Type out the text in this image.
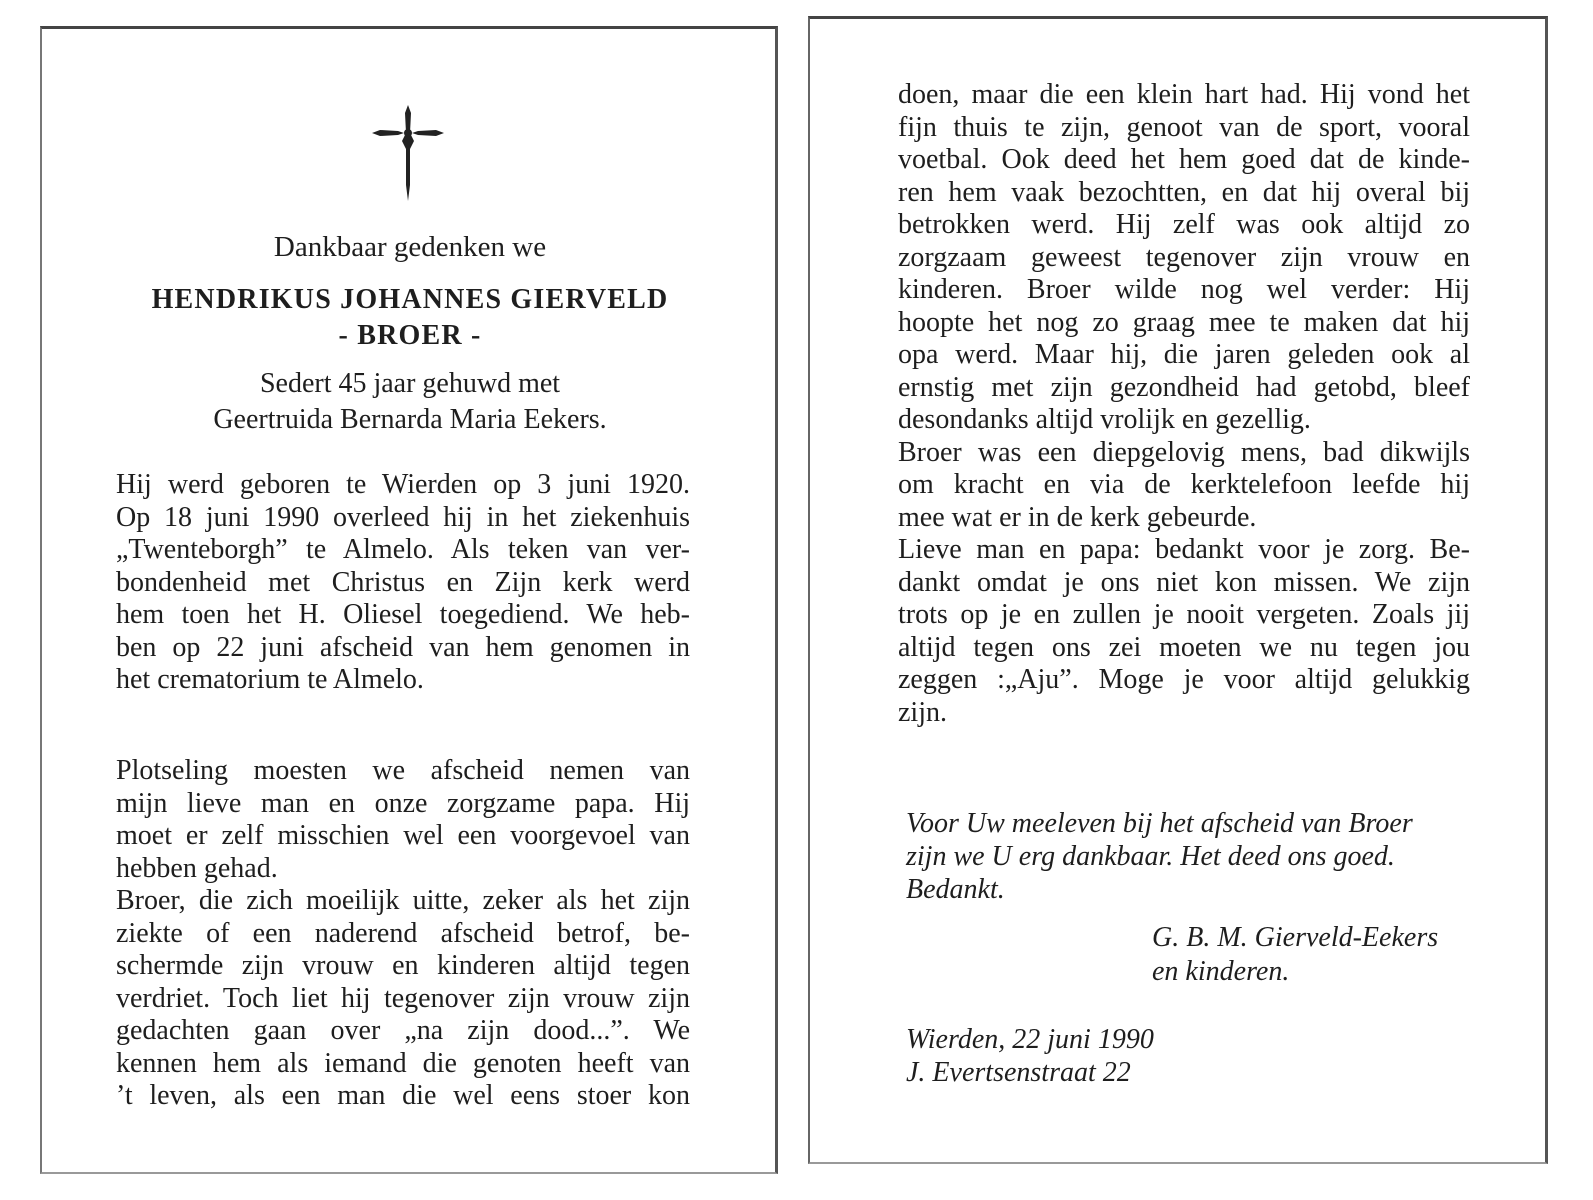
Dankbaar gedenken we
HENDRIKUS JOHANNES GIERVELD
- BROER -
Sedert 45 jaar gehuwd met
Geertruida Bernarda Maria Eekers.
Hij werd geboren te Wierden op 3 juni 1920.
Op 18 juni 1990 overleed hij in het ziekenhuis
„Twenteborgh” te Almelo. Als teken van ver-
bondenheid met Christus en Zijn kerk werd
hem toen het H. Oliesel toegediend. We heb-
ben op 22 juni afscheid van hem genomen in
het crematorium te Almelo.
Plotseling moesten we afscheid nemen van
mijn lieve man en onze zorgzame papa. Hij
moet er zelf misschien wel een voorgevoel van
hebben gehad.
Broer, die zich moeilijk uitte, zeker als het zijn
ziekte of een naderend afscheid betrof, be-
schermde zijn vrouw en kinderen altijd tegen
verdriet. Toch liet hij tegenover zijn vrouw zijn
gedachten gaan over „na zijn dood...”. We
kennen hem als iemand die genoten heeft van
’t leven, als een man die wel eens stoer kon
doen, maar die een klein hart had. Hij vond het
fijn thuis te zijn, genoot van de sport, vooral
voetbal. Ook deed het hem goed dat de kinde-
ren hem vaak bezochtten, en dat hij overal bij
betrokken werd. Hij zelf was ook altijd zo
zorgzaam geweest tegenover zijn vrouw en
kinderen. Broer wilde nog wel verder: Hij
hoopte het nog zo graag mee te maken dat hij
opa werd. Maar hij, die jaren geleden ook al
ernstig met zijn gezondheid had getobd, bleef
desondanks altijd vrolijk en gezellig.
Broer was een diepgelovig mens, bad dikwijls
om kracht en via de kerktelefoon leefde hij
mee wat er in de kerk gebeurde.
Lieve man en papa: bedankt voor je zorg. Be-
dankt omdat je ons niet kon missen. We zijn
trots op je en zullen je nooit vergeten. Zoals jij
altijd tegen ons zei moeten we nu tegen jou
zeggen :„Aju”. Moge je voor altijd gelukkig
zijn.
Voor Uw meeleven bij het afscheid van Broer
zijn we U erg dankbaar. Het deed ons goed.
Bedankt.
G. B. M. Gierveld-Eekers
en kinderen.
Wierden, 22 juni 1990
J. Evertsenstraat 22
